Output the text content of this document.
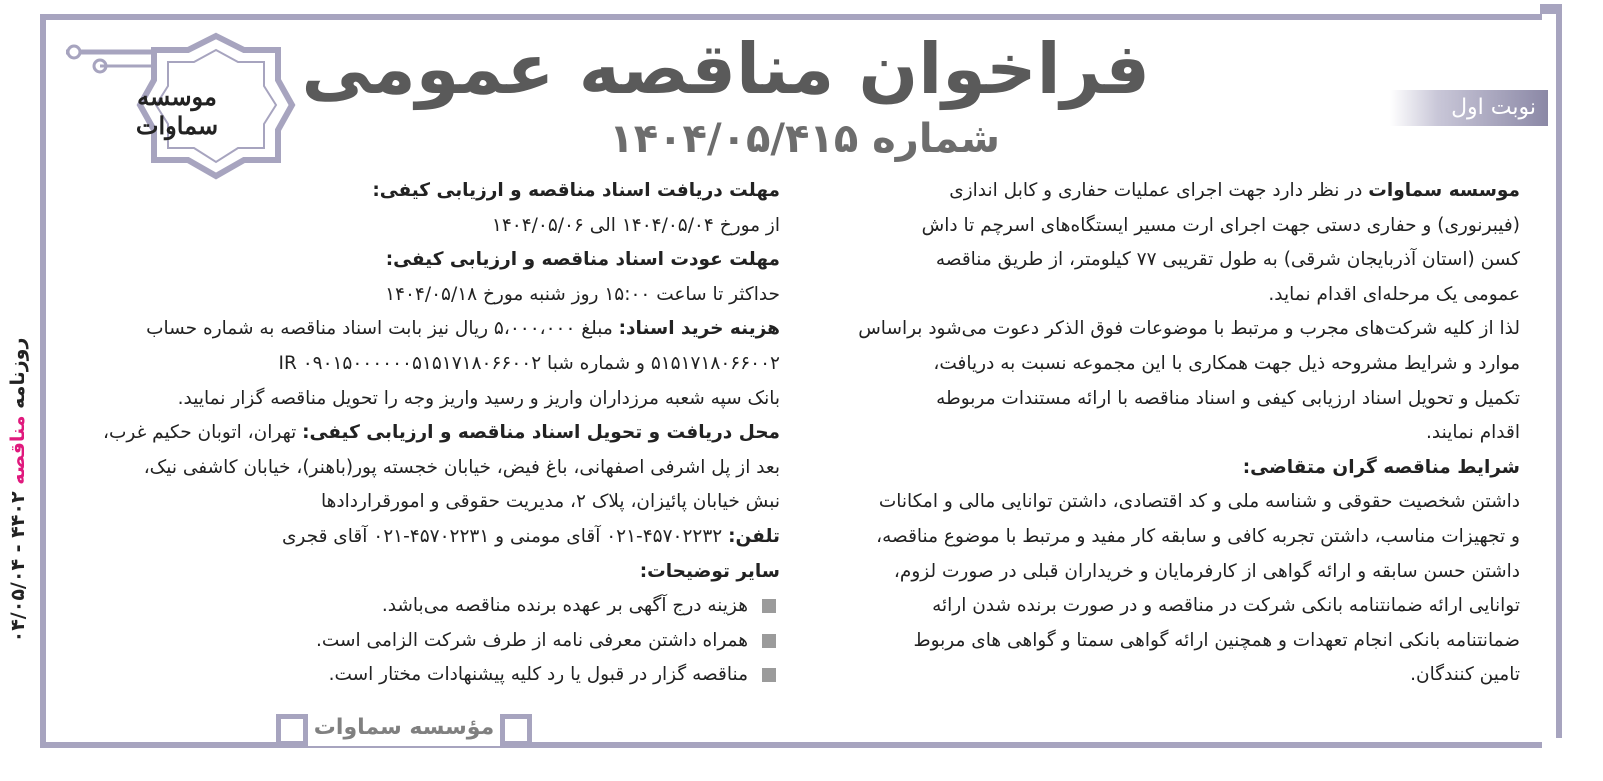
موسسه سماوات
فراخوان مناقصه عمومی
شماره ۱۴۰۴/۰۵/۴۱۵
نوبت اول

موسسه سماوات در نظر دارد جهت اجرای عملیات حفاری و کابل اندازی

(فیبرنوری) و حفاری دستی جهت اجرای ارت مسیر ایستگاه‌های اسرچم تا داش

کسن (استان آذربایجان شرقی) به طول تقریبی ۷۷ کیلومتر، از طریق مناقصه

عمومی یک مرحله‌ای اقدام نماید.

لذا از کلیه شرکت‌های مجرب و مرتبط با موضوعات فوق الذکر دعوت می‌شود براساس

موارد و شرایط مشروحه ذیل جهت همکاری با این مجموعه نسبت به دریافت،

تکمیل و تحویل اسناد ارزیابی کیفی و اسناد مناقصه با ارائه مستندات مربوطه

اقدام نمایند.

شرایط مناقصه گران متقاضی:

داشتن شخصیت حقوقی و شناسه ملی و کد اقتصادی، داشتن توانایی مالی و امکانات

و تجهیزات مناسب، داشتن تجربه کافی و سابقه کار مفید و مرتبط با موضوع مناقصه،

داشتن حسن سابقه و ارائه گواهی از کارفرمایان و خریداران قبلی در صورت لزوم،

توانایی ارائه ضمانتنامه بانکی شرکت در مناقصه و در صورت برنده شدن ارائه

ضمانتنامه بانکی انجام تعهدات و همچنین ارائه گواهی سمتا و گواهی های مربوط

تامین کنندگان.

مهلت دریافت اسناد مناقصه و ارزیابی کیفی:

از مورخ ۱۴۰۴/۰۵/۰۴ الی ۱۴۰۴/۰۵/۰۶

مهلت عودت اسناد مناقصه و ارزیابی کیفی:

حداکثر تا ساعت ۱۵:۰۰ روز شنبه مورخ ۱۴۰۴/۰۵/۱۸

هزینه خرید اسناد: مبلغ ۵،۰۰۰،۰۰۰ ریال نیز بابت اسناد مناقصه به شماره حساب

۵۱۵۱۷۱۸۰۶۶۰۰۲ و شماره شبا IR ۰۹۰۱۵۰۰۰۰۰۰۵۱۵۱۷۱۸۰۶۶۰۰۲

بانک سپه شعبه مرزداران واریز و رسید واریز وجه را تحویل مناقصه گزار نمایید.

محل دریافت و تحویل اسناد مناقصه و ارزیابی کیفی: تهران، اتوبان حکیم غرب،

بعد از پل اشرفی اصفهانی، باغ فیض، خیابان خجسته پور(باهنر)، خیابان کاشفی نیک،

نبش خیابان پائیزان، پلاک ۲، مدیریت حقوقی و امورقراردادها

تلفن: ۴۵۷۰۲۲۳۲-۰۲۱ آقای مومنی و ۴۵۷۰۲۲۳۱-۰۲۱ آقای قجری

سایر توضیحات:

هزینه درج آگهی بر عهده برنده مناقصه می‌باشد.

همراه داشتن معرفی نامه از طرف شرکت الزامی است.

مناقصه گزار در قبول یا رد کلیه پیشنهادات مختار است.

روزنامه مناقصه ۴۴۰۲ - ۰۴/۰۵/۰۴
مؤسسه سماوات
